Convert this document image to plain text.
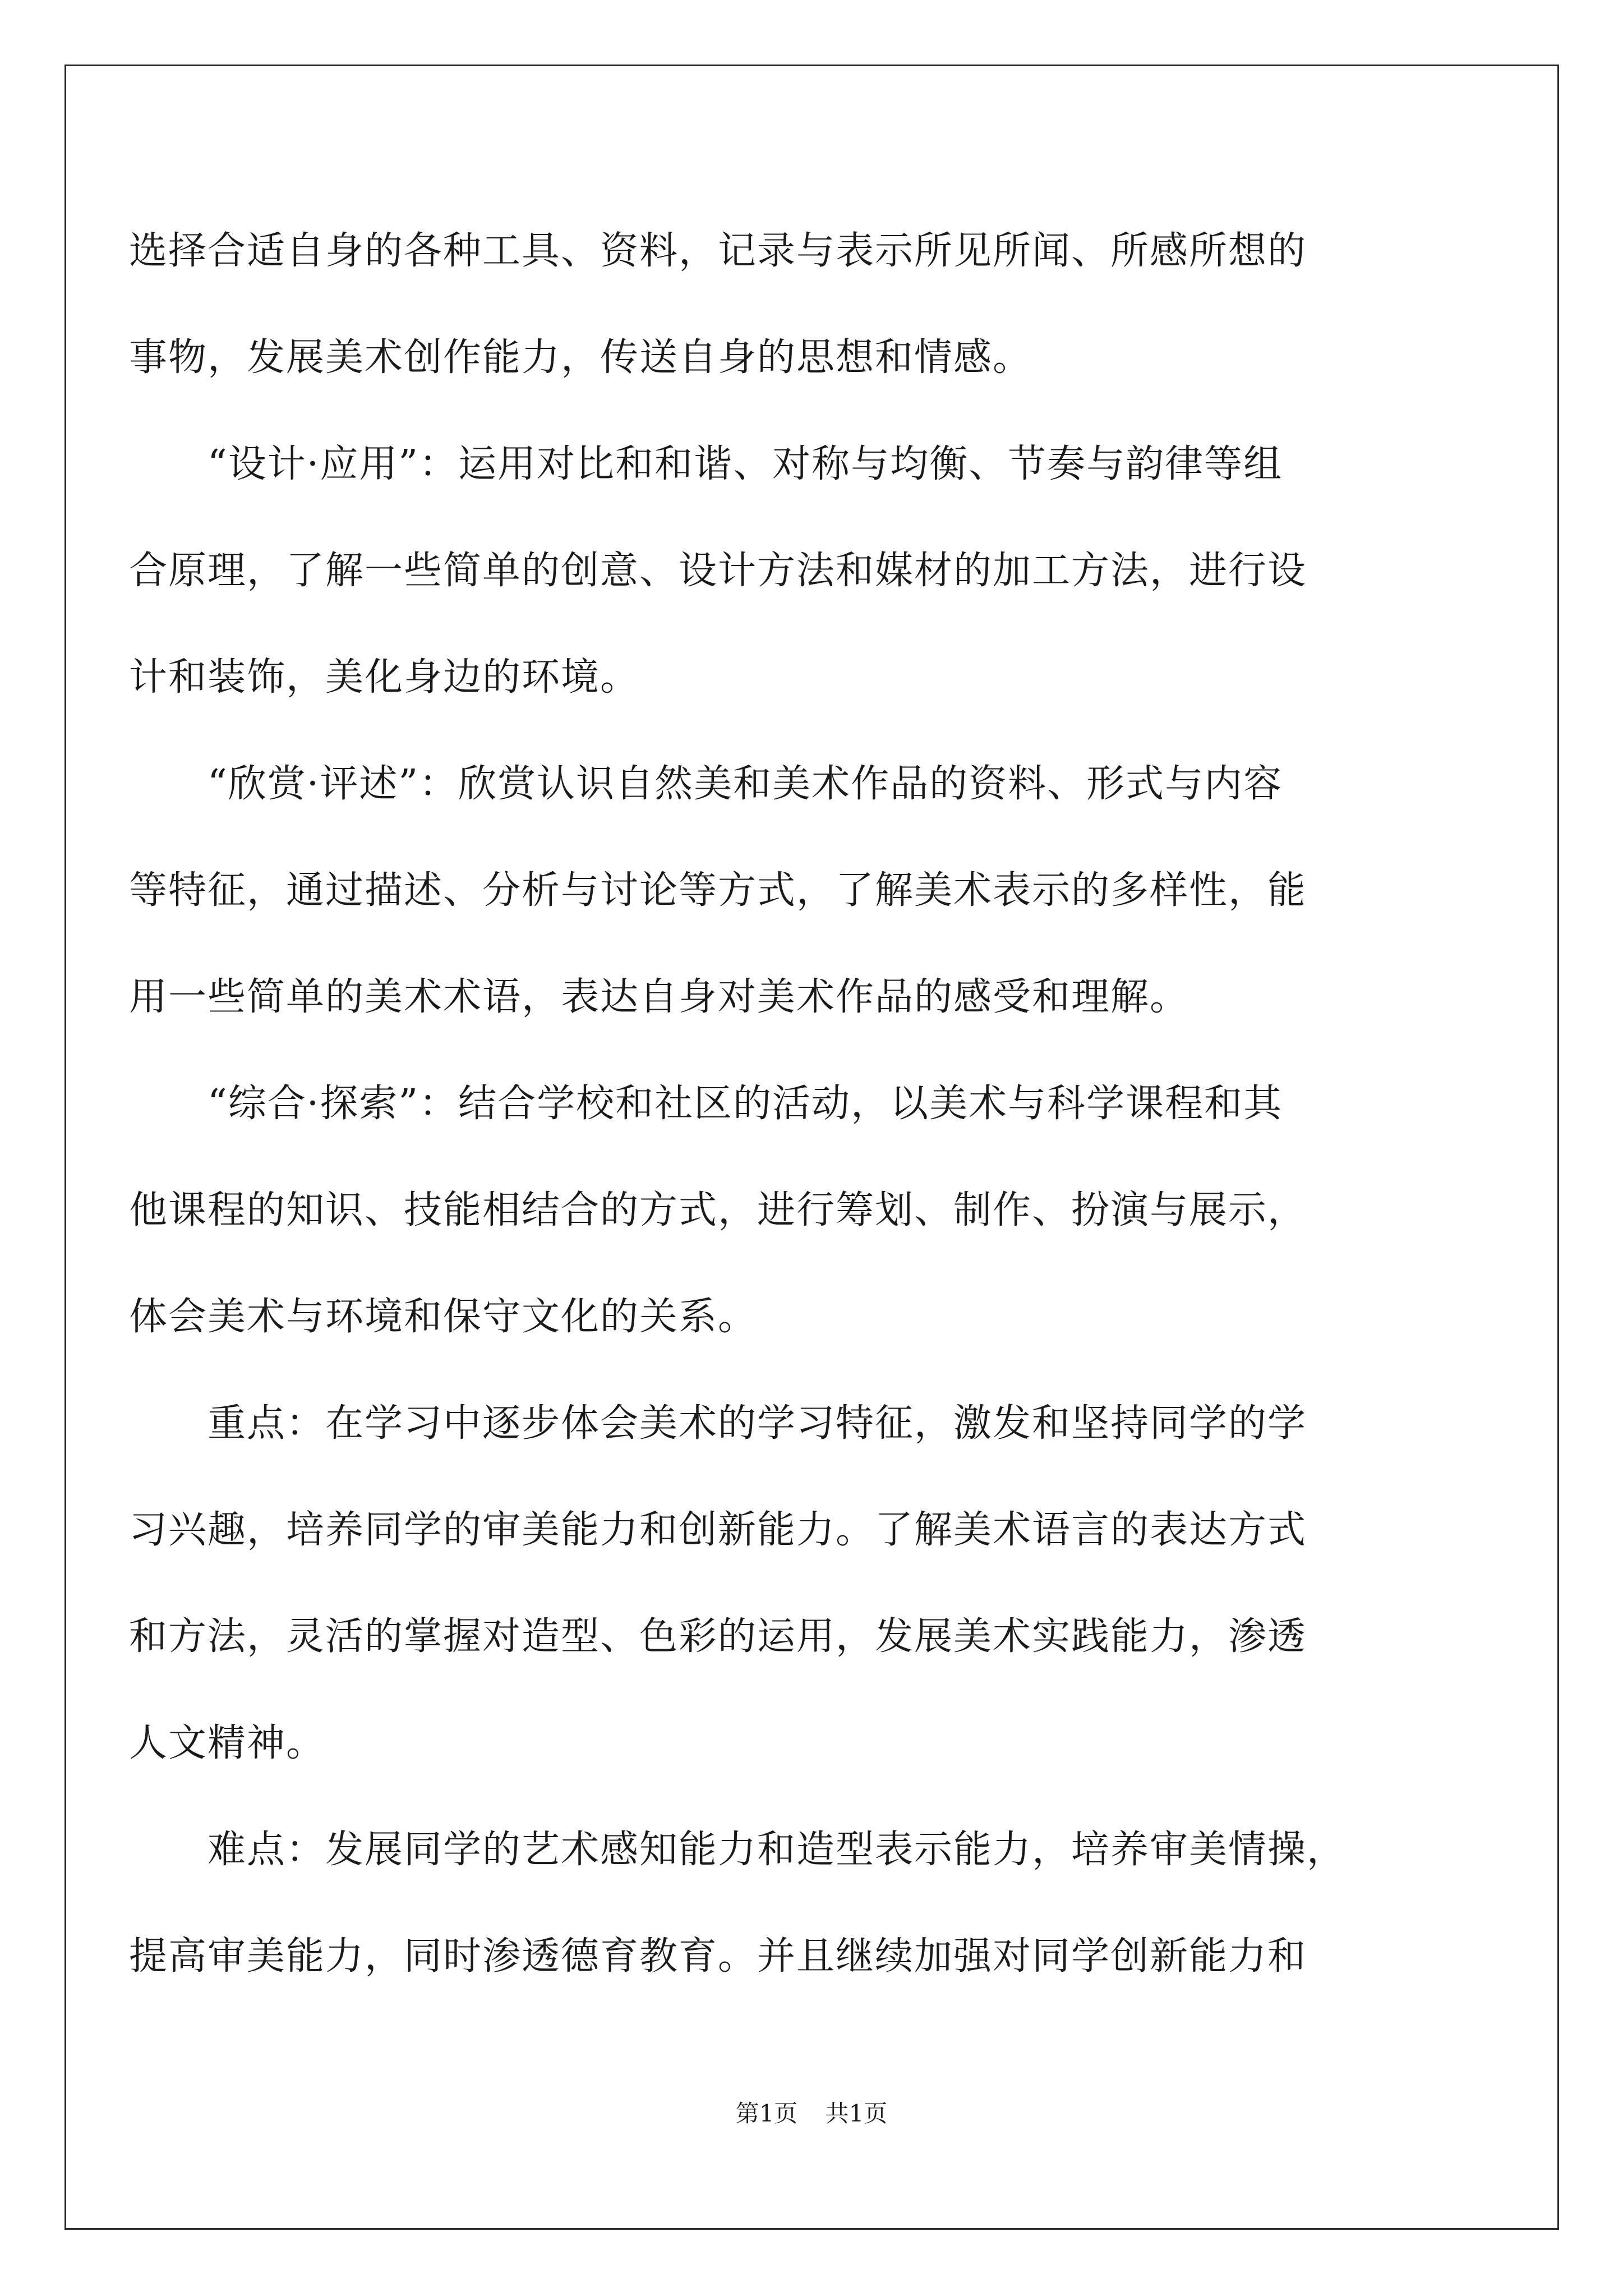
选择合适自身的各种工具、资料，记录与表示所见所闻、所感所想的
事物，发展美术创作能力，传送自身的思想和情感。
　　“设计·应用”：运用对比和和谐、对称与均衡、节奏与韵律等组
合原理，了解一些简单的创意、设计方法和媒材的加工方法，进行设
计和装饰，美化身边的环境。
　　“欣赏·评述”：欣赏认识自然美和美术作品的资料、形式与内容
等特征，通过描述、分析与讨论等方式，了解美术表示的多样性，能
用一些简单的美术术语，表达自身对美术作品的感受和理解。
　　“综合·探索”：结合学校和社区的活动，以美术与科学课程和其
他课程的知识、技能相结合的方式，进行筹划、制作、扮演与展示，
体会美术与环境和保守文化的关系。
　　重点：在学习中逐步体会美术的学习特征，激发和坚持同学的学
习兴趣，培养同学的审美能力和创新能力。了解美术语言的表达方式
和方法，灵活的掌握对造型、色彩的运用，发展美术实践能力，渗透
人文精神。
　　难点：发展同学的艺术感知能力和造型表示能力，培养审美情操，
提高审美能力，同时渗透德育教育。并且继续加强对同学创新能力和
第1页 共1页
